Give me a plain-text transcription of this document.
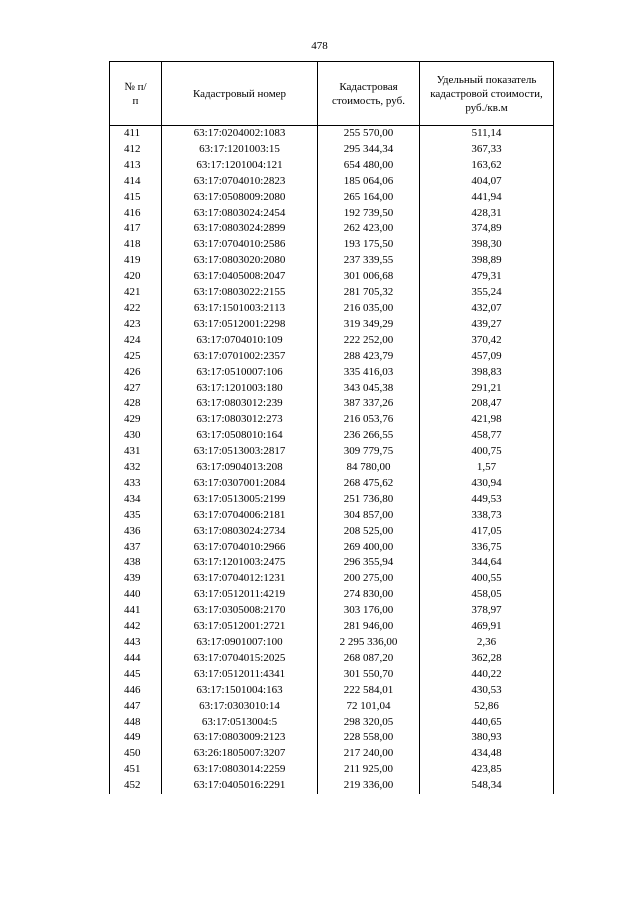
478
№ п/п	Кадастровый номер	Кадастровая стоимость, руб.	Удельный показатель кадастровой стоимости, руб./кв.м
411	63:17:0204002:1083	255 570,00	511,14
412	63:17:1201003:15	295 344,34	367,33
413	63:17:1201004:121	654 480,00	163,62
414	63:17:0704010:2823	185 064,06	404,07
415	63:17:0508009:2080	265 164,00	441,94
416	63:17:0803024:2454	192 739,50	428,31
417	63:17:0803024:2899	262 423,00	374,89
418	63:17:0704010:2586	193 175,50	398,30
419	63:17:0803020:2080	237 339,55	398,89
420	63:17:0405008:2047	301 006,68	479,31
421	63:17:0803022:2155	281 705,32	355,24
422	63:17:1501003:2113	216 035,00	432,07
423	63:17:0512001:2298	319 349,29	439,27
424	63:17:0704010:109	222 252,00	370,42
425	63:17:0701002:2357	288 423,79	457,09
426	63:17:0510007:106	335 416,03	398,83
427	63:17:1201003:180	343 045,38	291,21
428	63:17:0803012:239	387 337,26	208,47
429	63:17:0803012:273	216 053,76	421,98
430	63:17:0508010:164	236 266,55	458,77
431	63:17:0513003:2817	309 779,75	400,75
432	63:17:0904013:208	84 780,00	1,57
433	63:17:0307001:2084	268 475,62	430,94
434	63:17:0513005:2199	251 736,80	449,53
435	63:17:0704006:2181	304 857,00	338,73
436	63:17:0803024:2734	208 525,00	417,05
437	63:17:0704010:2966	269 400,00	336,75
438	63:17:1201003:2475	296 355,94	344,64
439	63:17:0704012:1231	200 275,00	400,55
440	63:17:0512011:4219	274 830,00	458,05
441	63:17:0305008:2170	303 176,00	378,97
442	63:17:0512001:2721	281 946,00	469,91
443	63:17:0901007:100	2 295 336,00	2,36
444	63:17:0704015:2025	268 087,20	362,28
445	63:17:0512011:4341	301 550,70	440,22
446	63:17:1501004:163	222 584,01	430,53
447	63:17:0303010:14	72 101,04	52,86
448	63:17:0513004:5	298 320,05	440,65
449	63:17:0803009:2123	228 558,00	380,93
450	63:26:1805007:3207	217 240,00	434,48
451	63:17:0803014:2259	211 925,00	423,85
452	63:17:0405016:2291	219 336,00	548,34
